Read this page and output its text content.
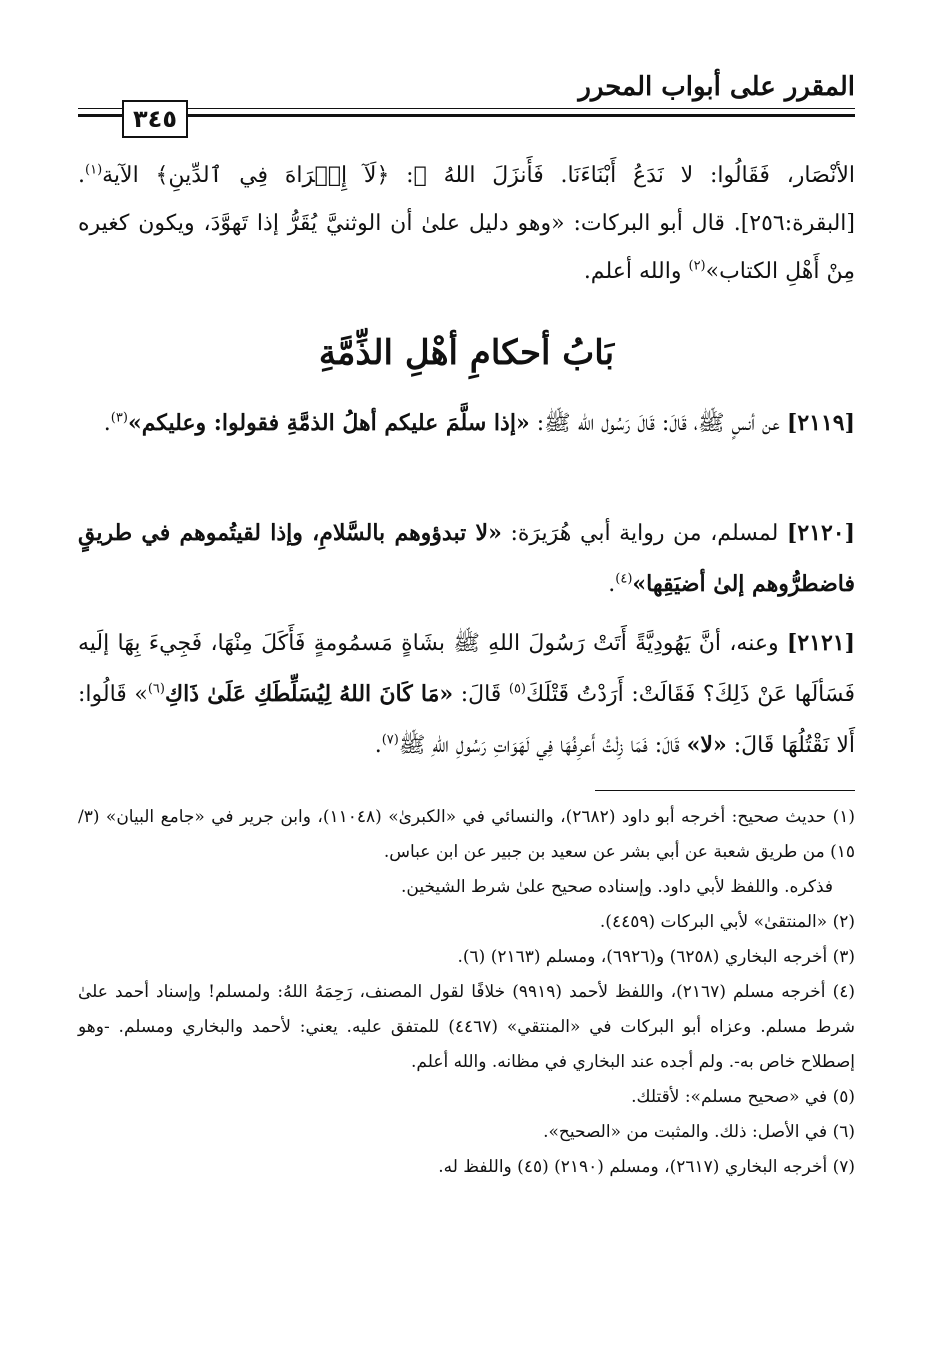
المقرر على أبواب المحرر
٣٤٥

الأنْصَار، فَقَالُوا: لا نَدَعُ أَبْنَاءَنَا. فَأَنزَلَ اللهُ ﷻ: ﴿لَآ إِكۡرَاهَ فِي ٱلدِّينِ﴾ الآية$^{(١)}$. [البقرة:٢٥٦]. قال أبو البركات: «وهو دليل علىٰ أن الوثنيَّ يُقَرُّ إذا تَهوَّدَ، ويكون كغيره مِنْ أَهْلِ الكتاب»$^{(٢)}$ والله أعلم.

بَابُ أحكامِ أهْلِ الذِّمَّةِ

[٢١١٩] عن أنسٍ ﷺ، قَالَ: قَالَ رَسُول الله ﷺ: «إذا سلَّمَ عليكم أهلُ الذمَّةِ فقولوا: وعليكم»$^{(٣)}$.

[٢١٢٠] لمسلم، من رواية أبي هُرَيرَة: «لا تبدؤوهم بالسَّلامِ، وإذا لقيتُموهم في طريقٍ فاضطرُّوهم إلىٰ أضيَقِها»$^{(٤)}$.

[٢١٢١] وعنه، أنَّ يَهُودِيَّةً أَتَتْ رَسُولَ اللهِ ﷺ بشَاةٍ مَسمُومةٍ فَأَكَلَ مِنْهَا، فَجِيءَ بِهَا إلَيه فَسَألَها عَنْ ذَلِكَ؟ فَقَالَتْ: أَرَدْتُ قَتْلَكَ$^{(٥)}$ قَالَ: «مَا كَانَ اللهُ لِيُسَلِّطَكِ عَلَىٰ ذَاكِ$^{(٦)}$» قَالُوا: أَلا نَقْتُلُهَا قَالَ: «لا» قَالَ: فَمَا زِلْتُ أَعرِفُهَا فِي لَهَوَاتِ رَسُولِ اللهِ ﷺ$^{(٧)}$.

(١) حديث صحيح: أخرجه أبو داود (٢٦٨٢)، والنسائي في «الكبرىٰ» (١١٠٤٨)، وابن جرير في «جامع البيان» (٣/ ١٥) من طريق شعبة عن أبي بشر عن سعيد بن جبير عن ابن عباس.

فذكره. واللفظ لأبي داود. وإسناده صحيح علىٰ شرط الشيخين.

(٢) «المنتقىٰ» لأبي البركات (٤٤٥٩).

(٣) أخرجه البخاري (٦٢٥٨) و(٦٩٢٦)، ومسلم (٢١٦٣) (٦).

(٤) أخرجه مسلم (٢١٦٧)، واللفظ لأحمد (٩٩١٩) خلافًا لقول المصنف، رَحِمَهُ اللهُ: ولمسلم! وإسناد أحمد علىٰ شرط مسلم. وعزاه أبو البركات في «المنتقي» (٤٤٦٧) للمتفق عليه. يعني: لأحمد والبخاري ومسلم. -وهو إصطلاح خاص به-. ولم أجده عند البخاري في مظانه. والله أعلم.

(٥) في «صحيح مسلم»: لأقتلك.

(٦) في الأصل: ذلك. والمثبت من «الصحيح».

(٧) أخرجه البخاري (٢٦١٧)، ومسلم (٢١٩٠) (٤٥) واللفظ له.
